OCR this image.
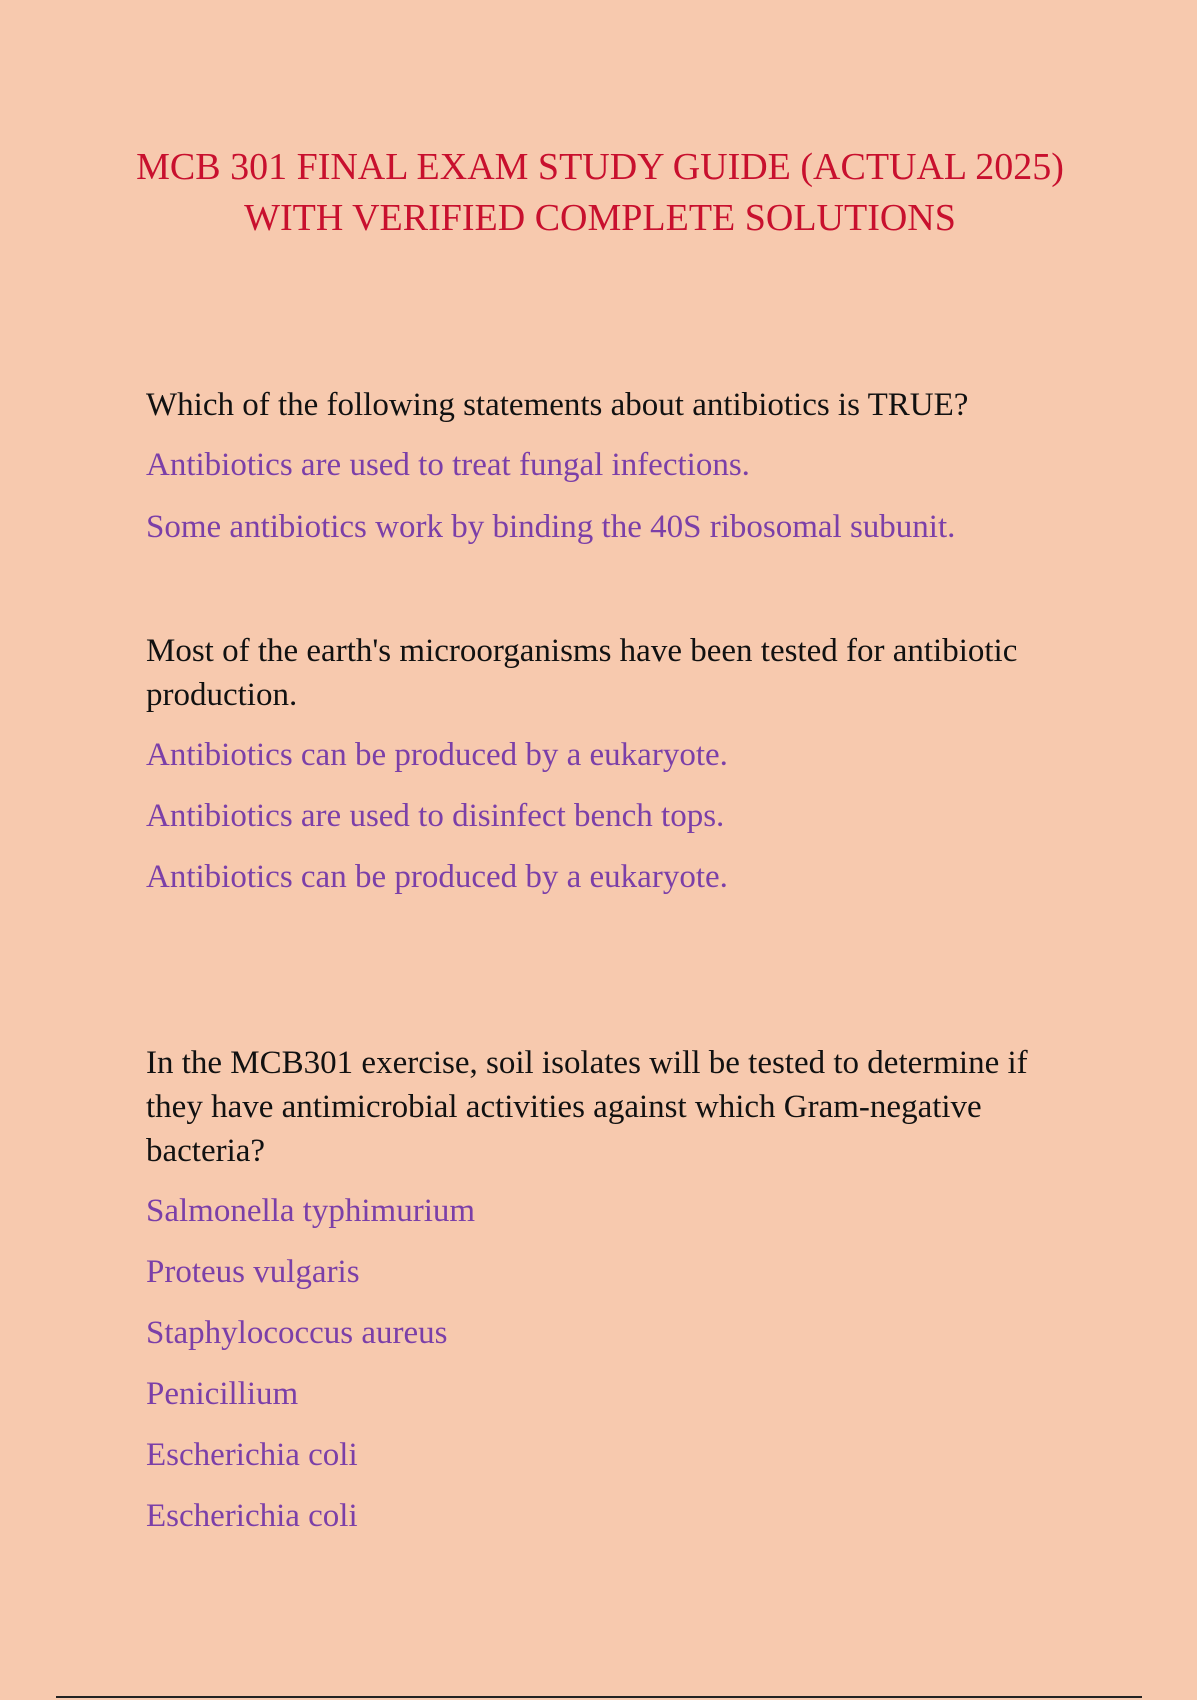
MCB 301 FINAL EXAM STUDY GUIDE (ACTUAL 2025) WITH VERIFIED COMPLETE SOLUTIONS

Which of the following statements about antibiotics is TRUE?

Antibiotics are used to treat fungal infections.

Some antibiotics work by binding the 40S ribosomal subunit.

Most of the earth's microorganisms have been tested for antibiotic production.

Antibiotics can be produced by a eukaryote.

Antibiotics are used to disinfect bench tops.

Antibiotics can be produced by a eukaryote.

In the MCB301 exercise, soil isolates will be tested to determine if they have antimicrobial activities against which Gram-negative bacteria?

Salmonella typhimurium

Proteus vulgaris

Staphylococcus aureus

Penicillium

Escherichia coli

Escherichia coli
